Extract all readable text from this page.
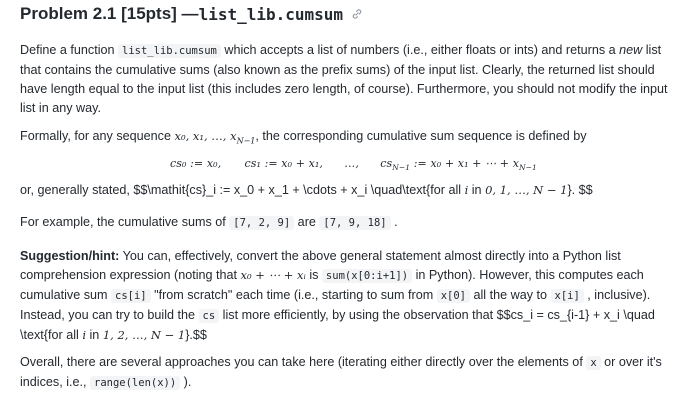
Problem 2.1 [15pts] — list_lib.cumsum
Define a function list_lib.cumsum which accepts a list of numbers (i.e., either floats or ints) and returns a new list that contains the cumulative sums (also known as the prefix sums) of the input list. Clearly, the returned list should have length equal to the input list (this includes zero length, of course). Furthermore, you should not modify the input list in any way.
Formally, for any sequence x₀, x₁, …, $x_{N-1}$, the corresponding cumulative sum sequence is defined by
cs₀ := x₀, cs₁ := x₀ + x₁, …, $cs_{N-1}$ := x₀ + x₁ + ⋯ + $x_{N-1}$
or, generally stated, $$\mathit{cs}_i := x_0 + x_1 + \cdots + x_i \quad\text{for all i in 0, 1, …, N − 1}. $$
For example, the cumulative sums of [7, 2, 9] are [7, 9, 18] .
Suggestion/hint: You can, effectively, convert the above general statement almost directly into a Python list comprehension expression (noting that x₀ + ⋯ + xᵢ is sum(x[0:i+1]) in Python). However, this computes each cumulative sum cs[i] "from scratch" each time (i.e., starting to sum from x[0] all the way to x[i] , inclusive). Instead, you can try to build the cs list more efficiently, by using the observation that $$cs_i = cs_{i-1} + x_i \quad \text{for all i in 1, 2, …, N − 1}.$$
Overall, there are several approaches you can take here (iterating either directly over the elements of x or over it's indices, i.e., range(len(x)) ).
